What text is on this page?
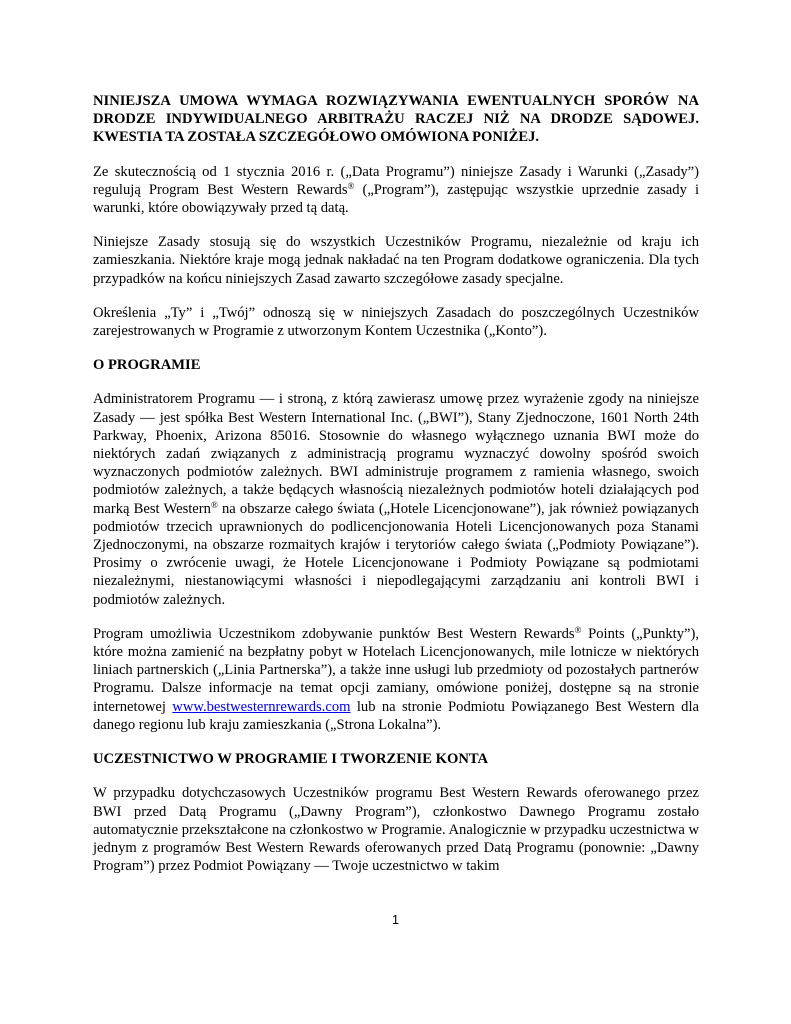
NINIEJSZA UMOWA WYMAGA ROZWIĄZYWANIA EWENTUALNYCH SPORÓW NA DRODZE INDYWIDUALNEGO ARBITRAŻU RACZEJ NIŻ NA DRODZE SĄDOWEJ. KWESTIA TA ZOSTAŁA SZCZEGÓŁOWO OMÓWIONA PONIŻEJ.

Ze skutecznością od 1 stycznia 2016 r. („Data Programu”) niniejsze Zasady i Warunki („Zasady”) regulują Program Best Western Rewards® („Program”), zastępując wszystkie uprzednie zasady i warunki, które obowiązywały przed tą datą.

Niniejsze Zasady stosują się do wszystkich Uczestników Programu, niezależnie od kraju ich zamieszkania. Niektóre kraje mogą jednak nakładać na ten Program dodatkowe ograniczenia. Dla tych przypadków na końcu niniejszych Zasad zawarto szczegółowe zasady specjalne.

Określenia „Ty” i „Twój” odnoszą się w niniejszych Zasadach do poszczególnych Uczestników zarejestrowanych w Programie z utworzonym Kontem Uczestnika („Konto”).

O PROGRAMIE

Administratorem Programu — i stroną, z którą zawierasz umowę przez wyrażenie zgody na niniejsze Zasady — jest spółka Best Western International Inc. („BWI”), Stany Zjednoczone, 1601 North 24th Parkway, Phoenix, Arizona 85016. Stosownie do własnego wyłącznego uznania BWI może do niektórych zadań związanych z administracją programu wyznaczyć dowolny spośród swoich wyznaczonych podmiotów zależnych. BWI administruje programem z ramienia własnego, swoich podmiotów zależnych, a także będących własnością niezależnych podmiotów hoteli działających pod marką Best Western® na obszarze całego świata („Hotele Licencjonowane”), jak również powiązanych podmiotów trzecich uprawnionych do podlicencjonowania Hoteli Licencjonowanych poza Stanami Zjednoczonymi, na obszarze rozmaitych krajów i terytoriów całego świata („Podmioty Powiązane”). Prosimy o zwrócenie uwagi, że Hotele Licencjonowane i Podmioty Powiązane są podmiotami niezależnymi, niestanowiącymi własności i niepodlegającymi zarządzaniu ani kontroli BWI i podmiotów zależnych.

Program umożliwia Uczestnikom zdobywanie punktów Best Western Rewards® Points („Punkty”), które można zamienić na bezpłatny pobyt w Hotelach Licencjonowanych, mile lotnicze w niektórych liniach partnerskich („Linia Partnerska”), a także inne usługi lub przedmioty od pozostałych partnerów Programu. Dalsze informacje na temat opcji zamiany, omówione poniżej, dostępne są na stronie internetowej www.bestwesternrewards.com lub na stronie Podmiotu Powiązanego Best Western dla danego regionu lub kraju zamieszkania („Strona Lokalna”).

UCZESTNICTWO W PROGRAMIE I TWORZENIE KONTA

W przypadku dotychczasowych Uczestników programu Best Western Rewards oferowanego przez BWI przed Datą Programu („Dawny Program”), członkostwo Dawnego Programu zostało automatycznie przekształcone na członkostwo w Programie. Analogicznie w przypadku uczestnictwa w jednym z programów Best Western Rewards oferowanych przed Datą Programu (ponownie: „Dawny Program”) przez Podmiot Powiązany — Twoje uczestnictwo w takim

1
